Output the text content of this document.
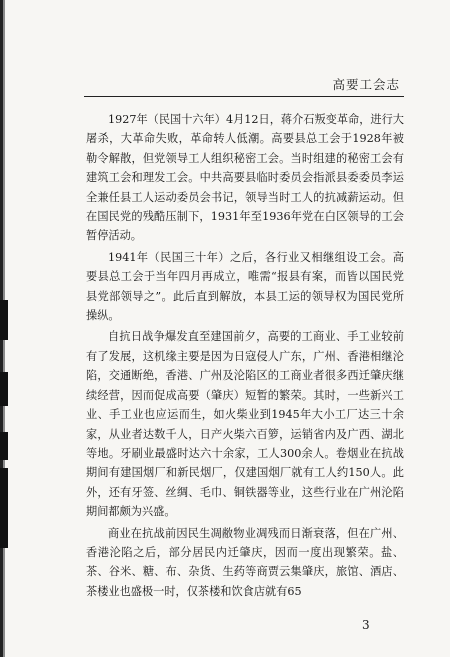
高要工会志

1927年（民国十六年）4月12日，蒋介石叛变革命，进行大屠杀，大革命失败，革命转人低潮。高要县总工会于1928年被勒令解散，但党领导工人组织秘密工会。当时组建的秘密工会有建筑工会和理发工会。中共高要县临时委员会指派县委委员李运全兼任县工人运动委员会书记，领导当时工人的抗减薪运动。但在国民党的残酷压制下，1931年至1936年党在白区领导的工会暂停活动。

1941年（民国三十年）之后，各行业又相继组设工会。高要县总工会于当年四月再成立，唯需“报县有案，而皆以国民党县党部领导之”。此后直到解放，本县工运的领导权为国民党所操纵。

自抗日战争爆发直至建国前夕，高要的工商业、手工业较前有了发展，这机缘主要是因为日寇侵人广东，广州、香港相继沦陷，交通断绝，香港、广州及沦陷区的工商业者很多西迁肇庆继续经营，因而促成高要（肇庆）短暂的繁荣。其时，一些新兴工业、手工业也应运而生，如火柴业到1945年大小工厂达三十余家，从业者达数千人，日产火柴六百箩，运销省内及广西、湖北等地。牙刷业最盛时达六十余家，工人300余人。卷烟业在抗战期间有建国烟厂和新民烟厂，仅建国烟厂就有工人约150人。此外，还有牙签、丝绸、毛巾、铜铁器等业，这些行业在广州沦陷期间都颇为兴盛。

商业在抗战前因民生凋敝物业凋残而日渐衰落，但在广州、香港沦陷之后，部分居民内迁肇庆，因而一度出现繁荣。盐、茶、谷米、糖、布、杂货、生药等商贾云集肇庆，旅馆、酒店、茶楼业也盛极一时，仅茶楼和饮食店就有65

3
